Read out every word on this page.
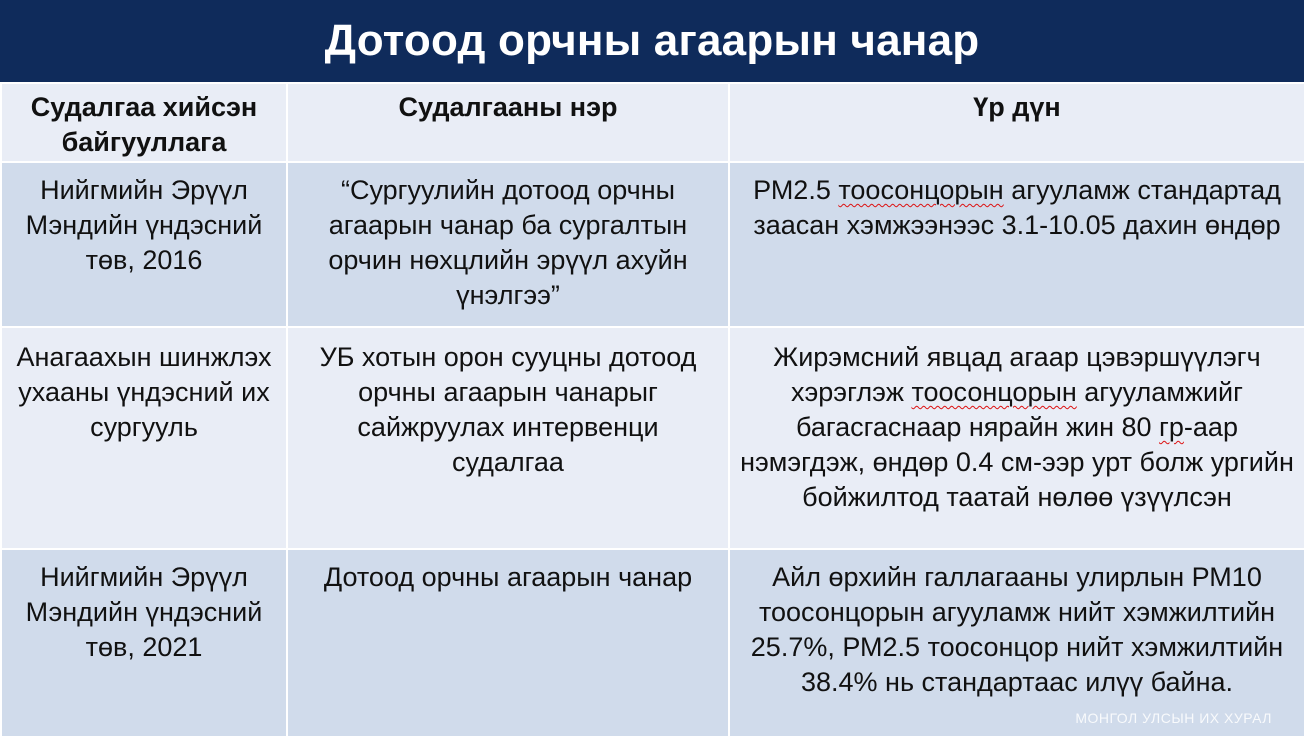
Дотоод орчны агаарын чанар
Судалгаа хийсэн байгууллага	Судалгааны нэр	Үр дүн
Нийгмийн Эрүүл Мэндийн үндэсний төв, 2016	“Сургуулийн дотоод орчны агаарын чанар ба сургалтын орчин нөхцлийн эрүүл ахуйн үнэлгээ”	РМ2.5 тоосонцорын агууламж стандартад заасан хэмжээнээс 3.1-10.05 дахин өндөр
Анагаахын шинжлэх ухааны үндэсний их сургууль	УБ хотын орон сууцны дотоод орчны агаарын чанарыг сайжруулах интервенци судалгаа	Жирэмсний явцад агаар цэвэршүүлэгч хэрэглэж тоосонцорын агууламжийг багасгаснаар нярайн жин 80 гр-аар нэмэгдэж, өндөр 0.4 см-ээр урт болж ургийн бойжилтод таатай нөлөө үзүүлсэн
Нийгмийн Эрүүл Мэндийн үндэсний төв, 2021	Дотоод орчны агаарын чанар	Айл өрхийн галлагааны улирлын РМ10 тоосонцорын агууламж нийт хэмжилтийн 25.7%, РМ2.5 тоосонцор нийт хэмжилтийн 38.4% нь стандартаас илүү байна.
МОНГОЛ УЛСЫН ИХ ХУРАЛ
